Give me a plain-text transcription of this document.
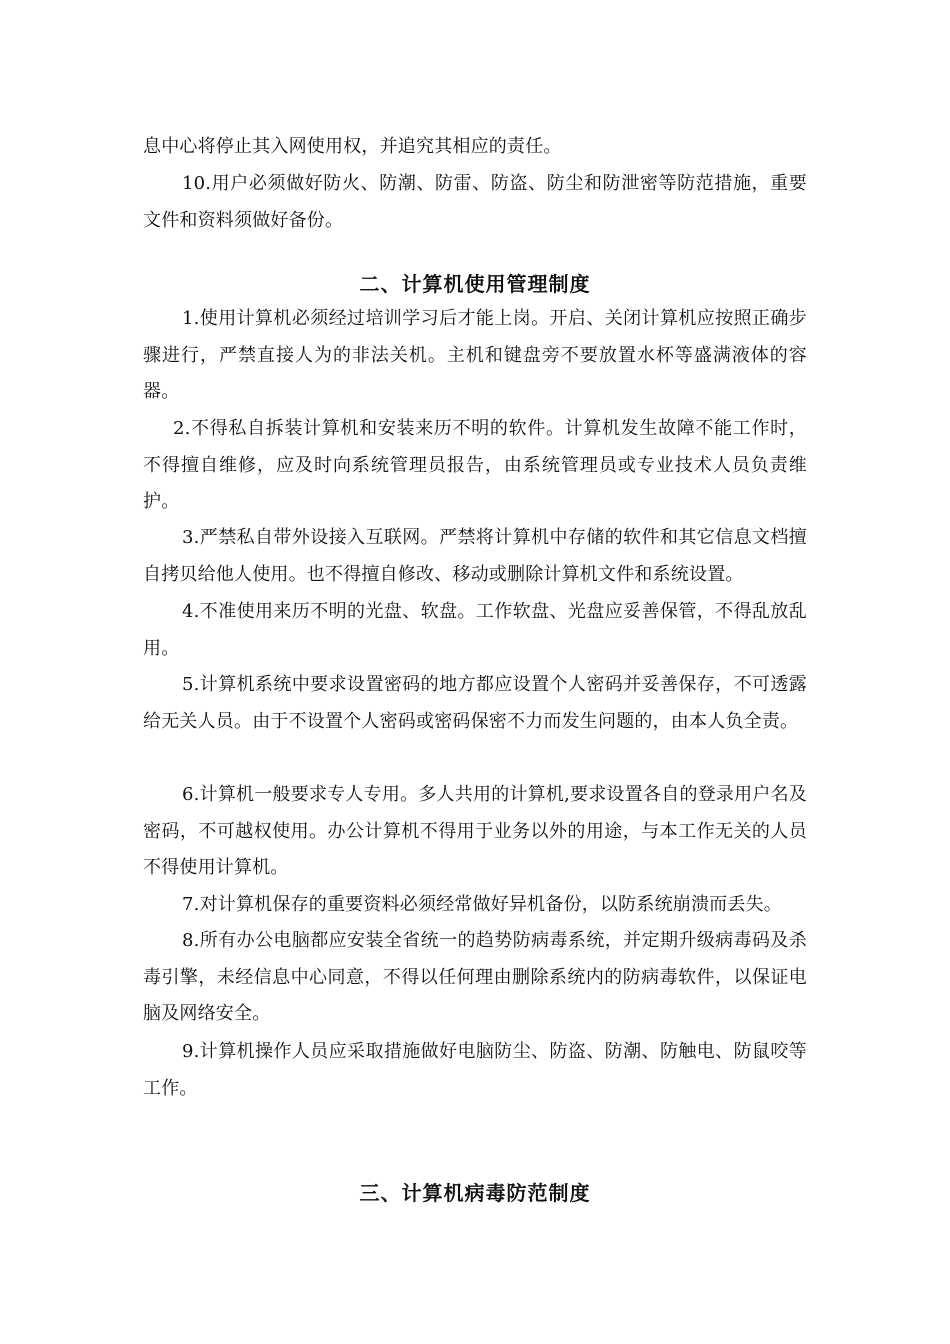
息中心将停止其入网使用权，并追究其相应的责任。

10.用户必须做好防火、防潮、防雷、防盗、防尘和防泄密等防范措施，重要文件和资料须做好备份。

二、计算机使用管理制度

1.使用计算机必须经过培训学习后才能上岗。开启、关闭计算机应按照正确步骤进行，严禁直接人为的非法关机。主机和键盘旁不要放置水杯等盛满液体的容器。

2.不得私自拆装计算机和安装来历不明的软件。计算机发生故障不能工作时，不得擅自维修，应及时向系统管理员报告，由系统管理员或专业技术人员负责维护。

3.严禁私自带外设接入互联网。严禁将计算机中存储的软件和其它信息文档擅自拷贝给他人使用。也不得擅自修改、移动或删除计算机文件和系统设置。

4.不准使用来历不明的光盘、软盘。工作软盘、光盘应妥善保管，不得乱放乱用。

5.计算机系统中要求设置密码的地方都应设置个人密码并妥善保存，不可透露给无关人员。由于不设置个人密码或密码保密不力而发生问题的，由本人负全责。

6.计算机一般要求专人专用。多人共用的计算机,要求设置各自的登录用户名及密码，不可越权使用。办公计算机不得用于业务以外的用途，与本工作无关的人员不得使用计算机。

7.对计算机保存的重要资料必须经常做好异机备份，以防系统崩溃而丢失。

8.所有办公电脑都应安装全省统一的趋势防病毒系统，并定期升级病毒码及杀毒引擎，未经信息中心同意，不得以任何理由删除系统内的防病毒软件，以保证电脑及网络安全。

9.计算机操作人员应采取措施做好电脑防尘、防盗、防潮、防触电、防鼠咬等工作。

三、计算机病毒防范制度
